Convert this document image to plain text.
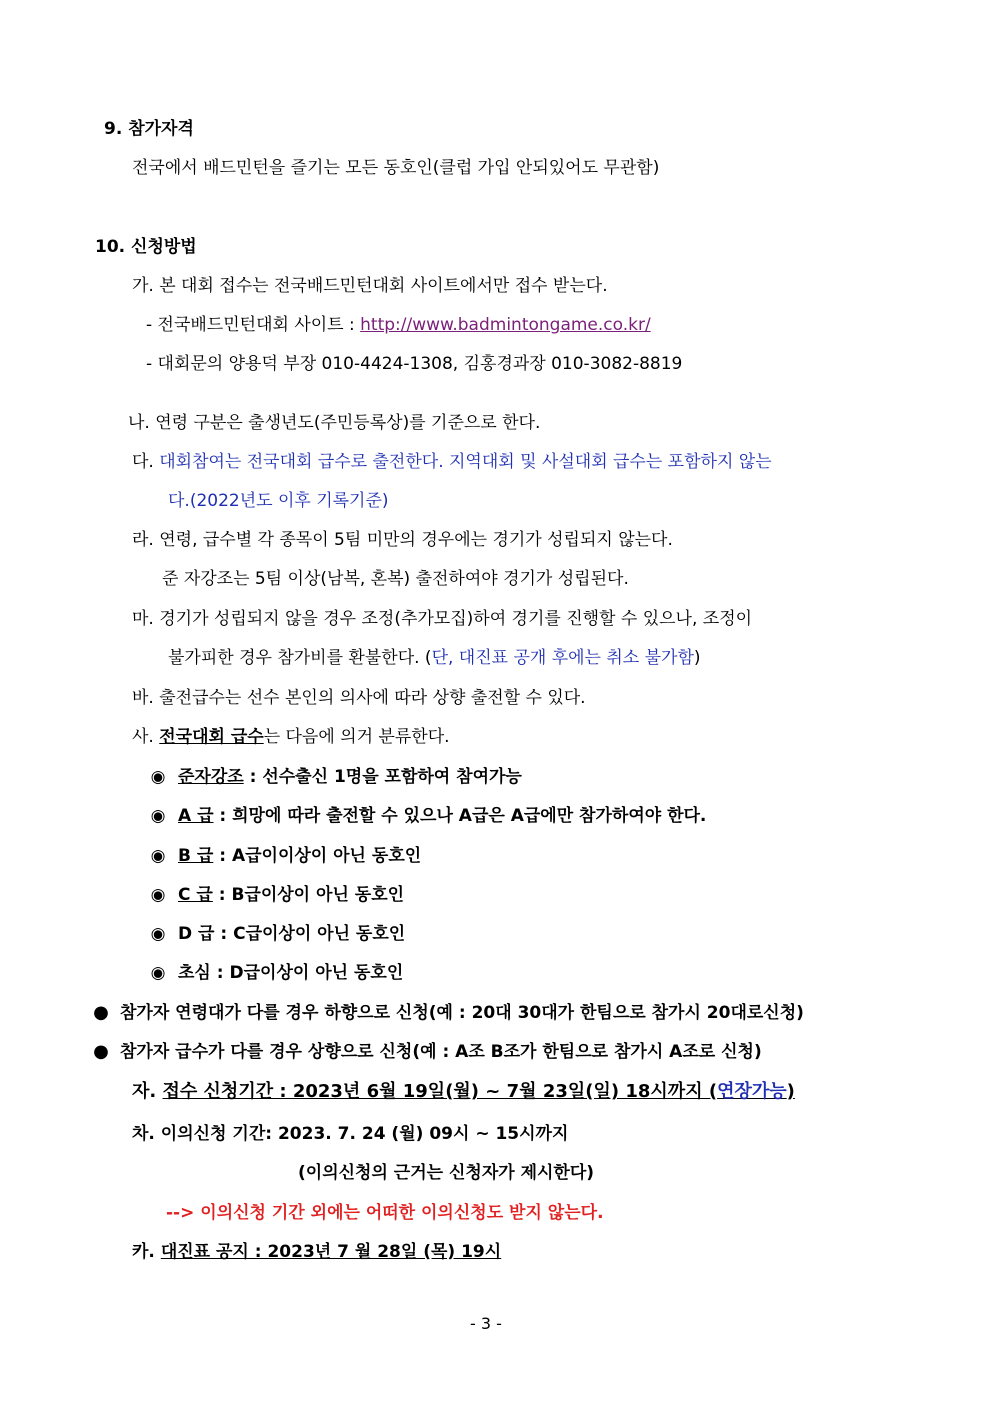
9. 참가자격
전국에서 배드민턴을 즐기는 모든 동호인(클럽 가입 안되있어도 무관함)
10. 신청방법
가. 본 대회 접수는 전국배드민턴대회 사이트에서만 접수 받는다.
- 전국배드민턴대회 사이트 : http://www.badmintongame.co.kr/
- 대회문의 양용덕 부장 010-4424-1308, 김홍경과장 010-3082-8819
나. 연령 구분은 출생년도(주민등록상)를 기준으로 한다.
다. 대회참여는 전국대회 급수로 출전한다. 지역대회 및 사설대회 급수는 포함하지 않는
다.(2022년도 이후 기록기준)
라. 연령, 급수별 각 종목이 5팀 미만의 경우에는 경기가 성립되지 않는다.
준 자강조는 5팀 이상(남복, 혼복) 출전하여야 경기가 성립된다.
마. 경기가 성립되지 않을 경우 조정(추가모집)하여 경기를 진행할 수 있으나, 조정이
불가피한 경우 참가비를 환불한다. (단, 대진표 공개 후에는 취소 불가함)
바. 출전급수는 선수 본인의 의사에 따라 상향 출전할 수 있다.
사. 전국대회 급수는 다음에 의거 분류한다.
◉ 준자강조 : 선수출신 1명을 포함하여 참여가능
◉ A 급 : 희망에 따라 출전할 수 있으나 A급은 A급에만 참가하여야 한다.
◉ B 급 : A급이이상이 아닌 동호인
◉ C 급 : B급이상이 아닌 동호인
◉ D 급 : C급이상이 아닌 동호인
◉ 초심 : D급이상이 아닌 동호인
● 참가자 연령대가 다를 경우 하향으로 신청(예 : 20대 30대가 한팀으로 참가시 20대로신청)
● 참가자 급수가 다를 경우 상향으로 신청(예 : A조 B조가 한팀으로 참가시 A조로 신청)
자. 접수 신청기간 : 2023년 6월 19일(월) ~ 7월 23일(일) 18시까지 (연장가능)
차. 이의신청 기간: 2023. 7. 24 (월) 09시 ~ 15시까지
(이의신청의 근거는 신청자가 제시한다)
--> 이의신청 기간 외에는 어떠한 이의신청도 받지 않는다.
카. 대진표 공지 : 2023년 7 월 28일 (목) 19시
- 3 -
